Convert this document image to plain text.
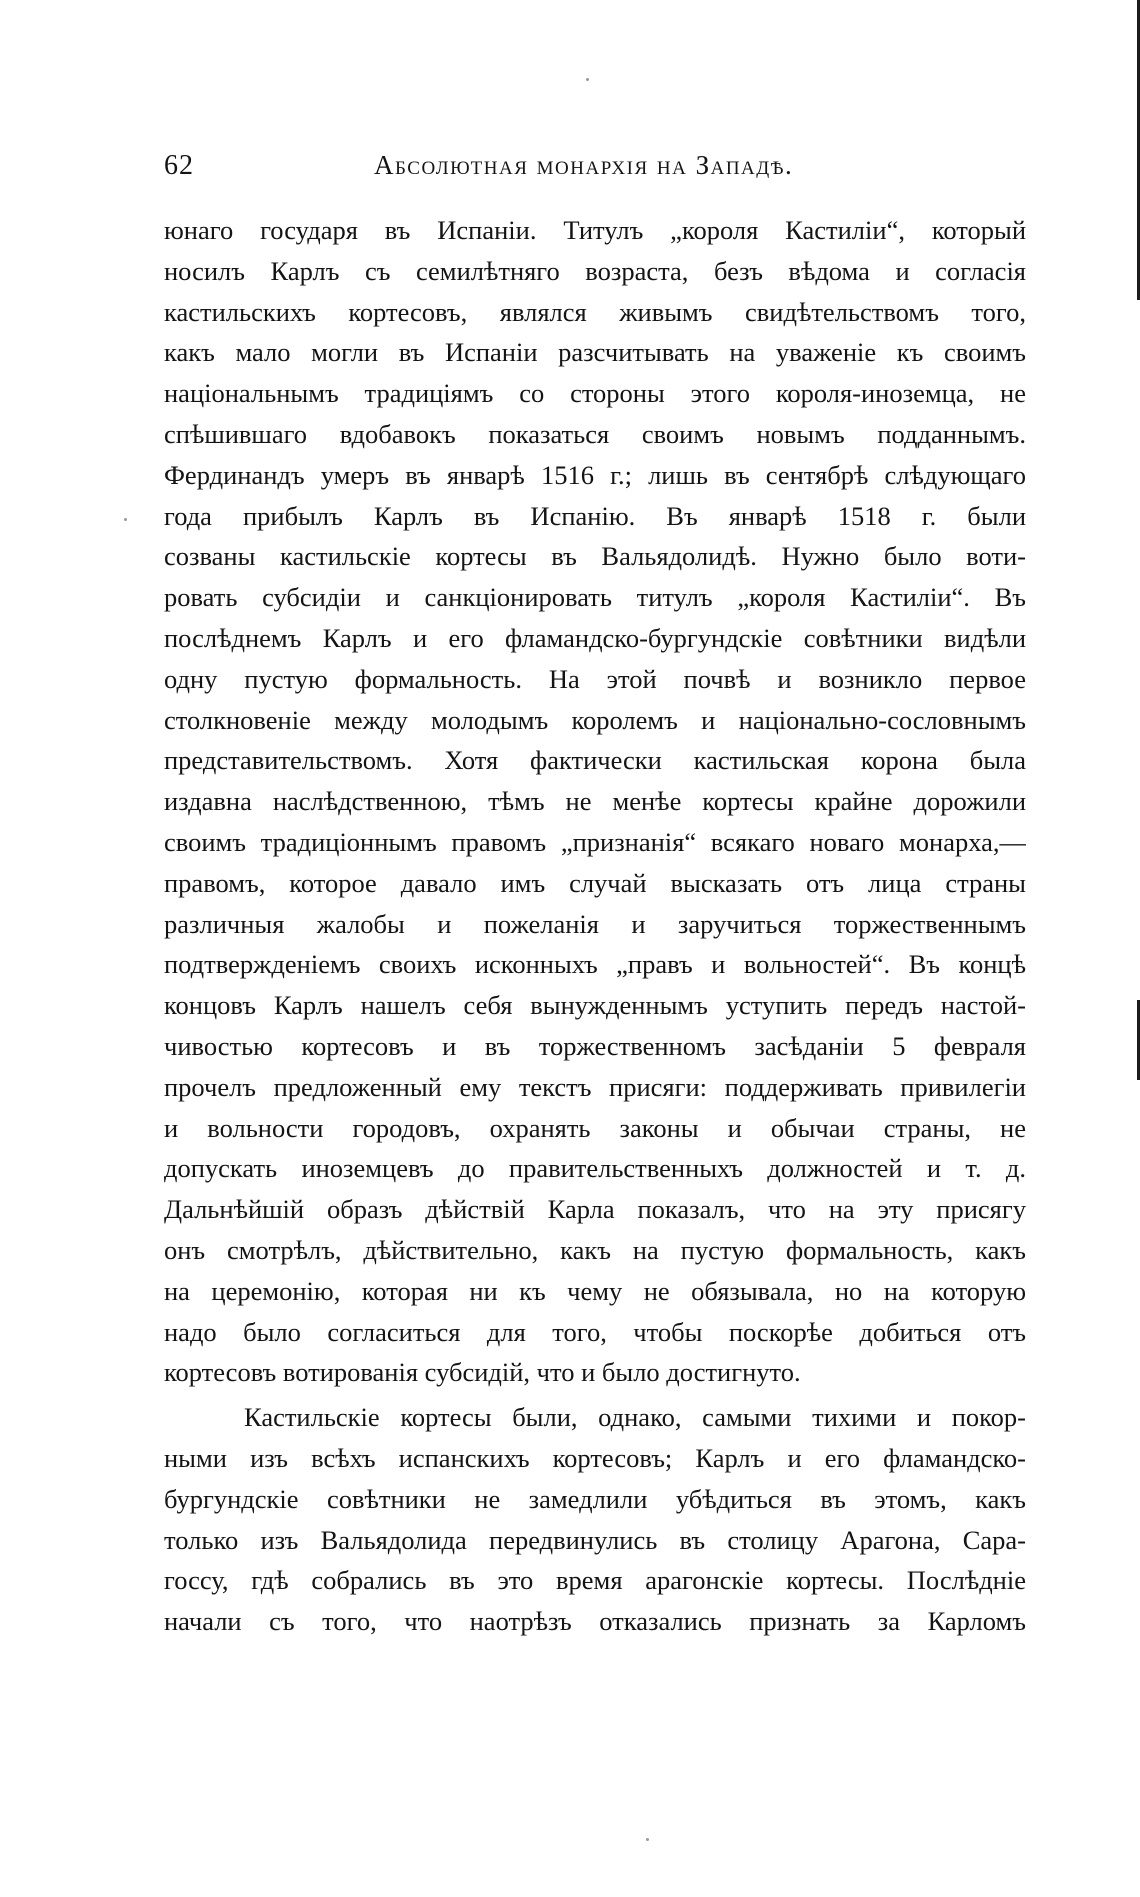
62	Абсолютная монархія на Западѣ.
юнаго государя въ Испаніи. Титулъ „короля Кастиліи“, который
носилъ Карлъ съ семилѣтняго возраста, безъ вѣдома и согласія
кастильскихъ кортесовъ, являлся живымъ свидѣтельствомъ того,
какъ мало могли въ Испаніи разсчитывать на уваженіе къ своимъ
національнымъ традиціямъ со стороны этого короля-иноземца, не
спѣшившаго вдобавокъ показаться своимъ новымъ подданнымъ.
Фердинандъ умеръ въ январѣ 1516 г.; лишь въ сентябрѣ слѣдующаго
года прибылъ Карлъ въ Испанію. Въ январѣ 1518 г. были
созваны кастильскіе кортесы въ Вальядолидѣ. Нужно было воти-
ровать субсидіи и санкціонировать титулъ „короля Кастиліи“. Въ
послѣднемъ Карлъ и его фламандско-бургундскіе совѣтники видѣли
одну пустую формальность. На этой почвѣ и возникло первое
столкновеніе между молодымъ королемъ и національно-сословнымъ
представительствомъ. Хотя фактически кастильская корона была
издавна наслѣдственною, тѣмъ не менѣе кортесы крайне дорожили
своимъ традиціоннымъ правомъ „признанія“ всякаго новаго монарха,—
правомъ, которое давало имъ случай высказать отъ лица страны
различныя жалобы и пожеланія и заручиться торжественнымъ
подтвержденіемъ своихъ исконныхъ „правъ и вольностей“. Въ концѣ
концовъ Карлъ нашелъ себя вынужденнымъ уступить передъ настой-
чивостью кортесовъ и въ торжественномъ засѣданіи 5 февраля
прочелъ предложенный ему текстъ присяги: поддерживать привилегіи
и вольности городовъ, охранять законы и обычаи страны, не
допускать иноземцевъ до правительственныхъ должностей и т. д.
Дальнѣйшій образъ дѣйствій Карла показалъ, что на эту присягу
онъ смотрѣлъ, дѣйствительно, какъ на пустую формальность, какъ
на церемонію, которая ни къ чему не обязывала, но на которую
надо было согласиться для того, чтобы поскорѣе добиться отъ
кортесовъ вотированія субсидій, что и было достигнуто.
Кастильскіе кортесы были, однако, самыми тихими и покор-
ными изъ всѣхъ испанскихъ кортесовъ; Карлъ и его фламандско-
бургундскіе совѣтники не замедлили убѣдиться въ этомъ, какъ
только изъ Вальядолида передвинулись въ столицу Арагона, Сара-
госсу, гдѣ собрались въ это время арагонскіе кортесы. Послѣдніе
начали съ того, что наотрѣзъ отказались признать за Карломъ
